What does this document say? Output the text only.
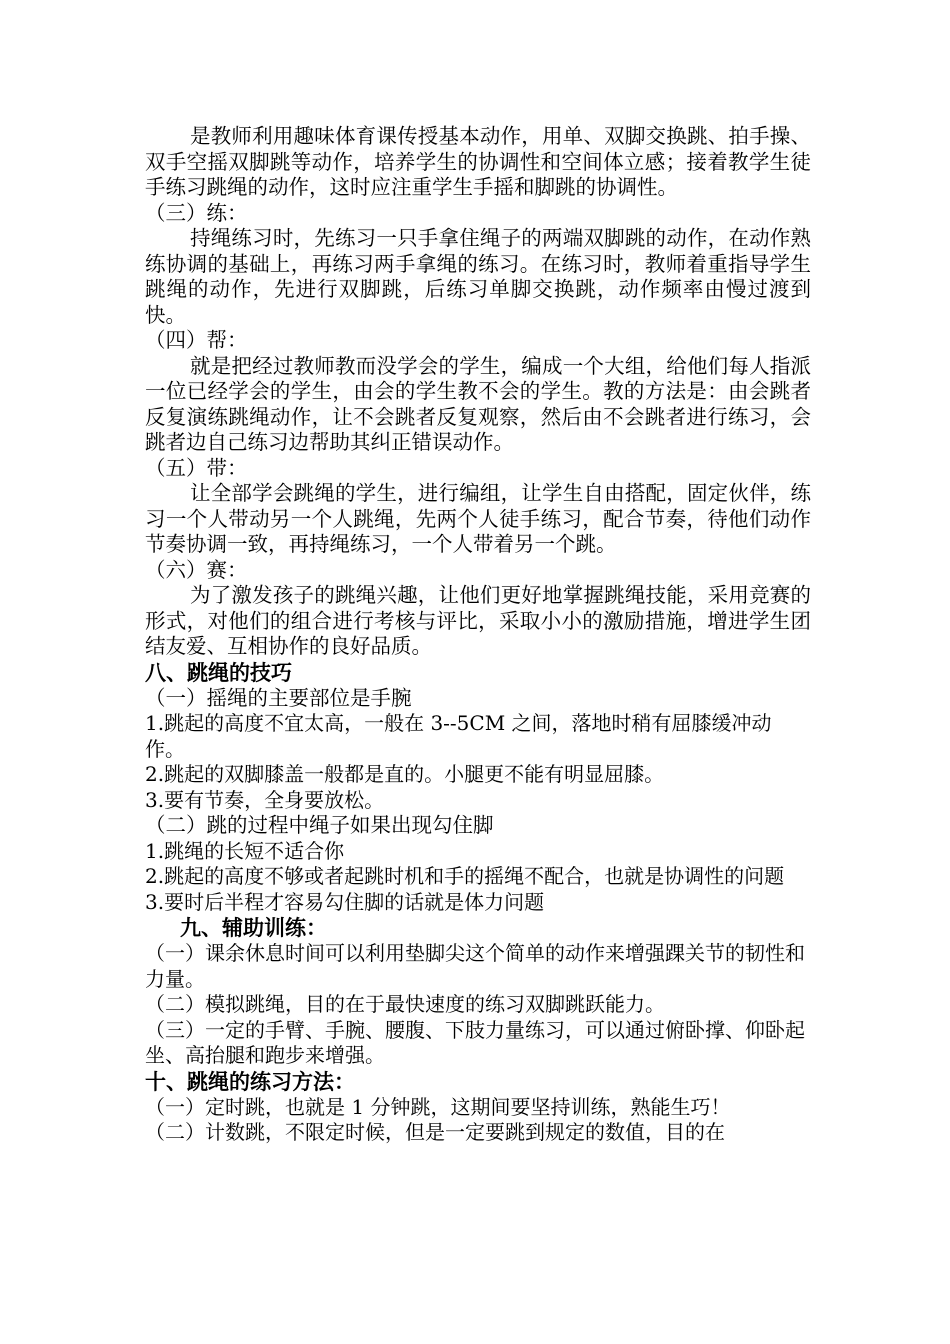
是教师利用趣味体育课传授基本动作，用单、双脚交换跳、拍手操、双手空摇双脚跳等动作，培养学生的协调性和空间体立感；接着教学生徒手练习跳绳的动作，这时应注重学生手摇和脚跳的协调性。

（三）练：

持绳练习时，先练习一只手拿住绳子的两端双脚跳的动作，在动作熟练协调的基础上，再练习两手拿绳的练习。在练习时，教师着重指导学生跳绳的动作，先进行双脚跳，后练习单脚交换跳，动作频率由慢过渡到快。

（四）帮：

就是把经过教师教而没学会的学生，编成一个大组，给他们每人指派一位已经学会的学生，由会的学生教不会的学生。教的方法是：由会跳者反复演练跳绳动作，让不会跳者反复观察，然后由不会跳者进行练习，会跳者边自己练习边帮助其纠正错误动作。

（五）带：

让全部学会跳绳的学生，进行编组，让学生自由搭配，固定伙伴，练习一个人带动另一个人跳绳，先两个人徒手练习，配合节奏，待他们动作节奏协调一致，再持绳练习，一个人带着另一个跳。

（六）赛：

为了激发孩子的跳绳兴趣，让他们更好地掌握跳绳技能，采用竞赛的形式，对他们的组合进行考核与评比，采取小小的激励措施，增进学生团结友爱、互相协作的良好品质。

八、跳绳的技巧

（一）摇绳的主要部位是手腕

1.跳起的高度不宜太高，一般在 3--5CM 之间，落地时稍有屈膝缓冲动作。

2.跳起的双脚膝盖一般都是直的。小腿更不能有明显屈膝。

3.要有节奏，全身要放松。

（二）跳的过程中绳子如果出现勾住脚

1.跳绳的长短不适合你

2.跳起的高度不够或者起跳时机和手的摇绳不配合，也就是协调性的问题

3.要时后半程才容易勾住脚的话就是体力问题

九、辅助训练：

（一）课余休息时间可以利用垫脚尖这个简单的动作来增强踝关节的韧性和力量。

（二）模拟跳绳，目的在于最快速度的练习双脚跳跃能力。

（三）一定的手臂、手腕、腰腹、下肢力量练习，可以通过俯卧撑、仰卧起坐、高抬腿和跑步来增强。

十、跳绳的练习方法：

（一）定时跳，也就是 1 分钟跳，这期间要坚持训练，熟能生巧！

（二）计数跳，不限定时候，但是一定要跳到规定的数值，目的在
